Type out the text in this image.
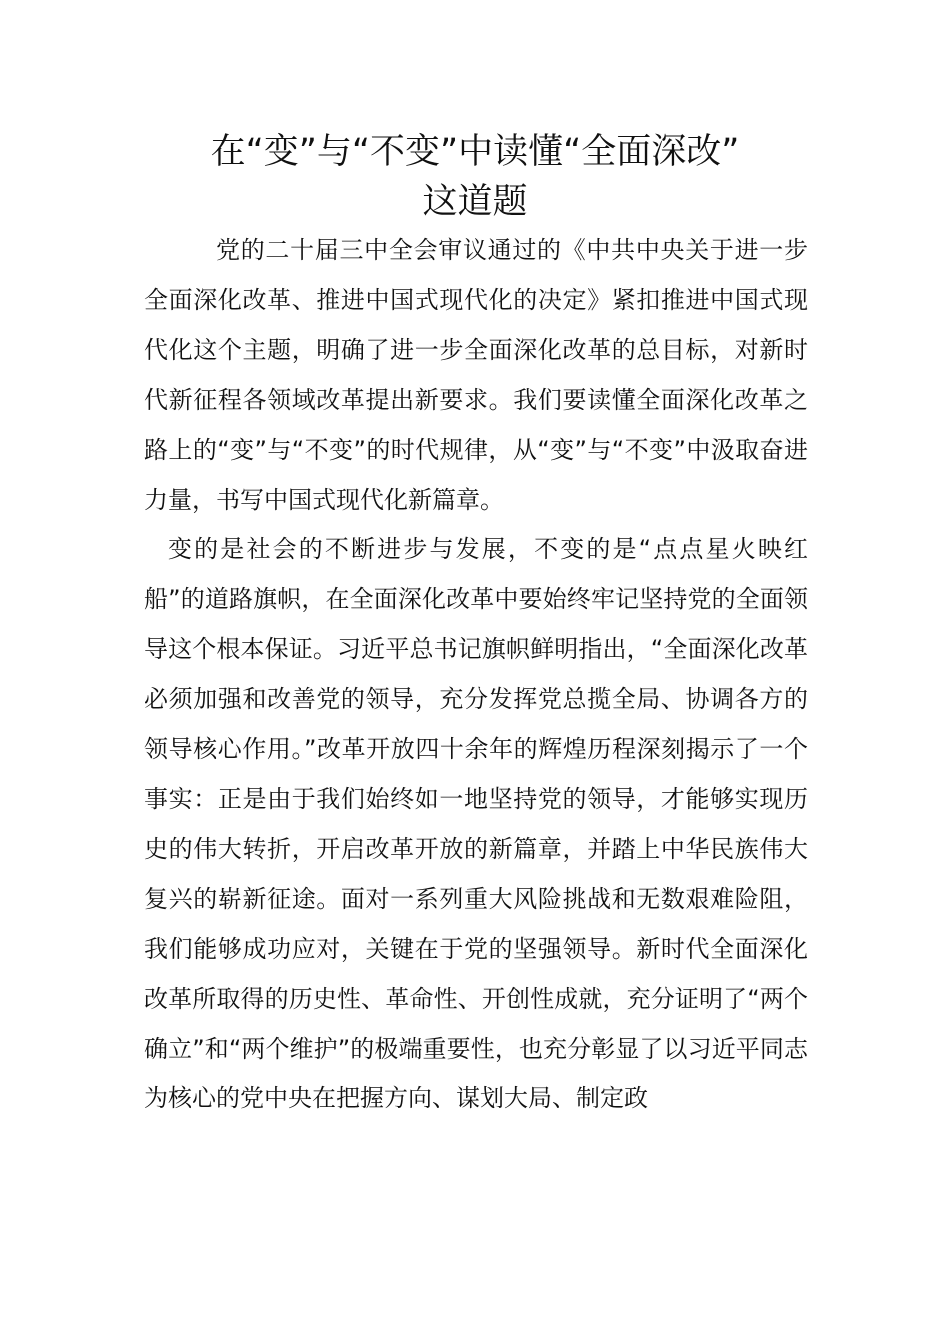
在“变”与“不变”中读懂“全面深改”
这道题

党的二十届三中全会审议通过的《中共中央关于进一步全面深化改革、推进中国式现代化的决定》紧扣推进中国式现代化这个主题，明确了进一步全面深化改革的总目标，对新时代新征程各领域改革提出新要求。我们要读懂全面深化改革之路上的“变”与“不变”的时代规律，从“变”与“不变”中汲取奋进力量，书写中国式现代化新篇章。

变的是社会的不断进步与发展，不变的是“点点星火映红船”的道路旗帜，在全面深化改革中要始终牢记坚持党的全面领导这个根本保证。习近平总书记旗帜鲜明指出，“全面深化改革必须加强和改善党的领导，充分发挥党总揽全局、协调各方的领导核心作用。”改革开放四十余年的辉煌历程深刻揭示了一个事实：正是由于我们始终如一地坚持党的领导，才能够实现历史的伟大转折，开启改革开放的新篇章，并踏上中华民族伟大复兴的崭新征途。面对一系列重大风险挑战和无数艰难险阻，我们能够成功应对，关键在于党的坚强领导。新时代全面深化改革所取得的历史性、革命性、开创性成就，充分证明了“两个确立”和“两个维护”的极端重要性，也充分彰显了以习近平同志为核心的党中央在把握方向、谋划大局、制定政
